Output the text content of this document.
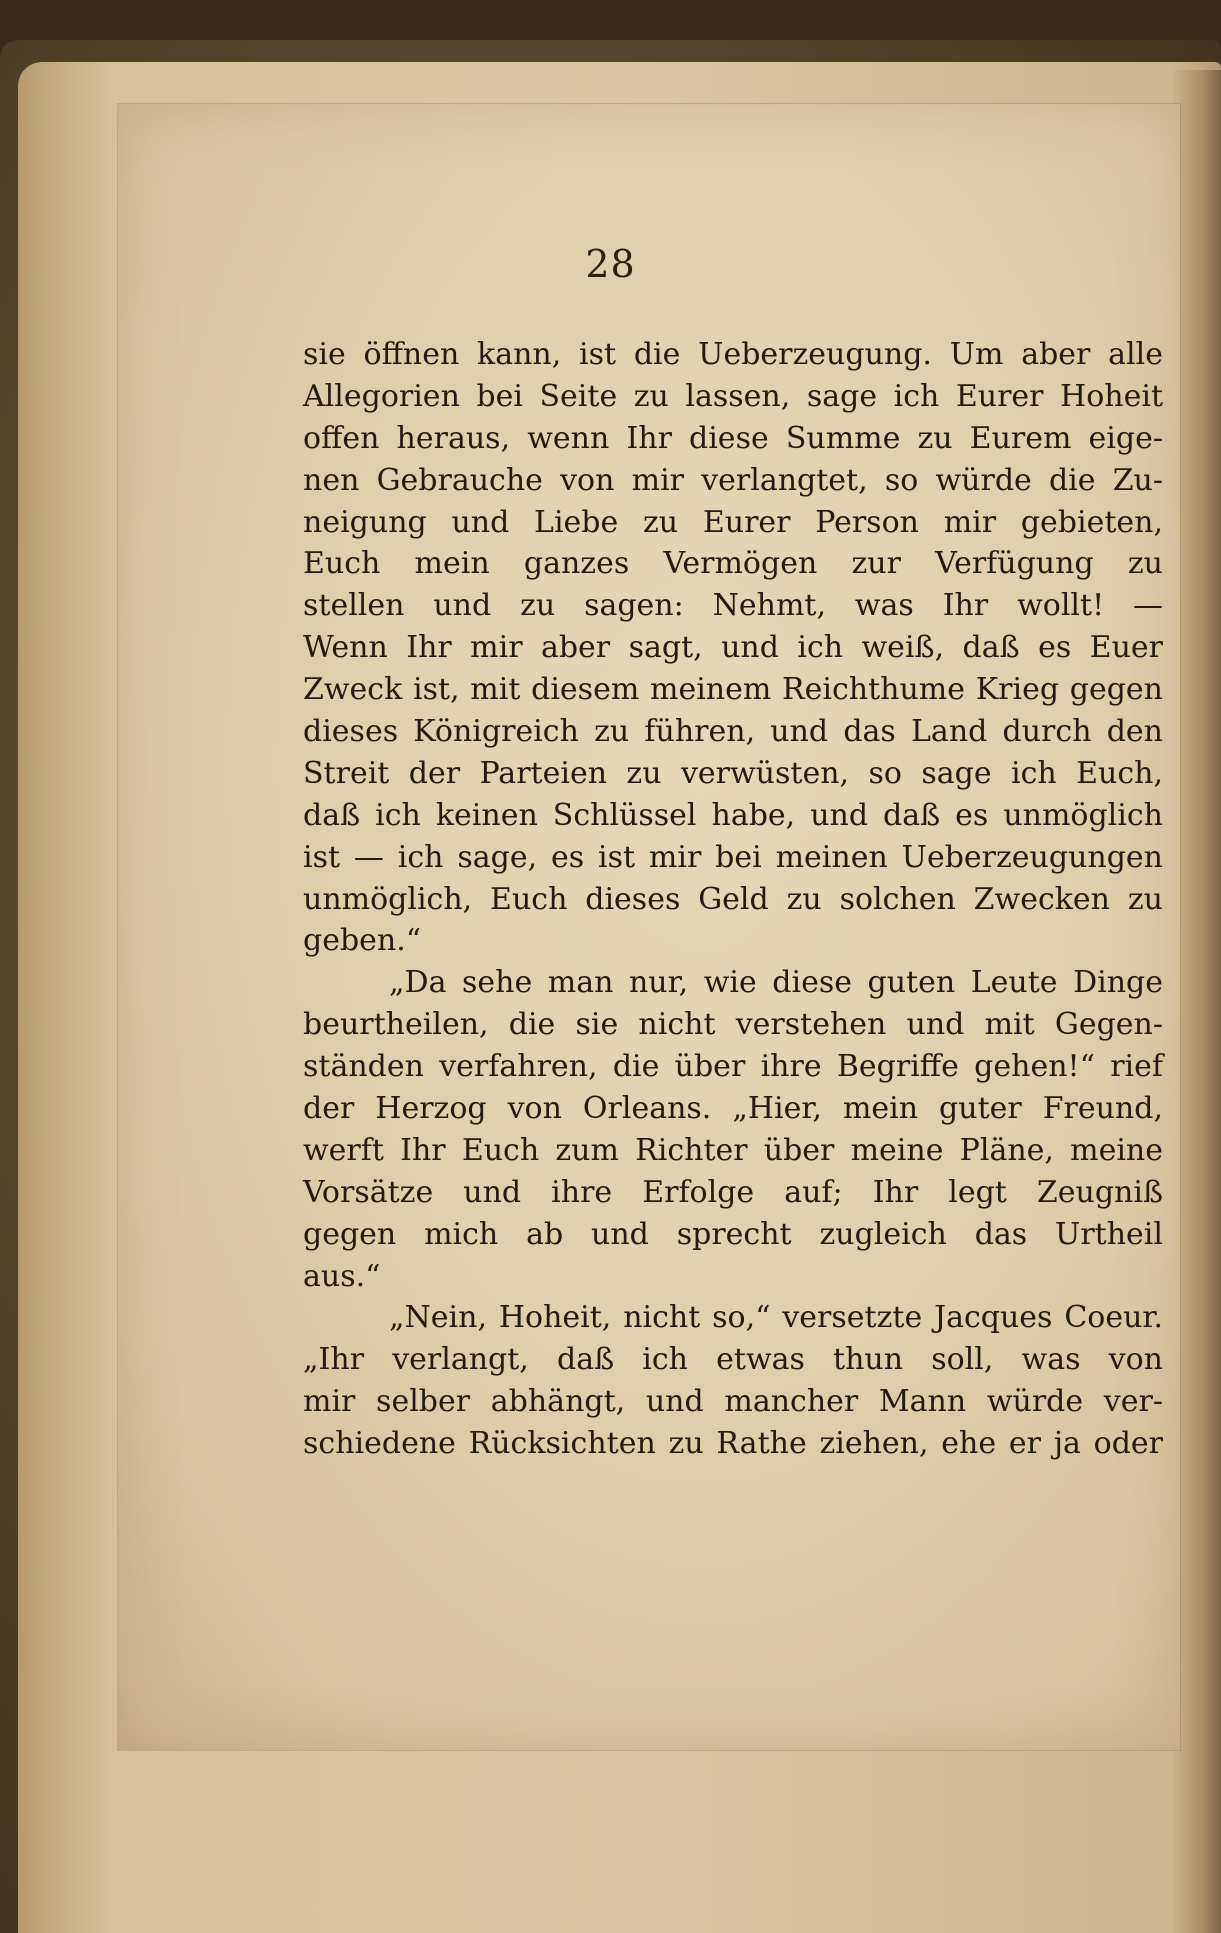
28
sie öffnen kann, ist die Ueberzeugung. Um aber alle
Allegorien bei Seite zu lassen, sage ich Eurer Hoheit
offen heraus, wenn Ihr diese Summe zu Eurem eige-
nen Gebrauche von mir verlangtet, so würde die Zu-
neigung und Liebe zu Eurer Person mir gebieten,
Euch mein ganzes Vermögen zur Verfügung zu
stellen und zu sagen: Nehmt, was Ihr wollt! —
Wenn Ihr mir aber sagt, und ich weiß, daß es Euer
Zweck ist, mit diesem meinem Reichthume Krieg gegen
dieses Königreich zu führen, und das Land durch den
Streit der Parteien zu verwüsten, so sage ich Euch,
daß ich keinen Schlüssel habe, und daß es unmöglich
ist — ich sage, es ist mir bei meinen Ueberzeugungen
unmöglich, Euch dieses Geld zu solchen Zwecken zu
geben.“
„Da sehe man nur, wie diese guten Leute Dinge
beurtheilen, die sie nicht verstehen und mit Gegen-
ständen verfahren, die über ihre Begriffe gehen!“ rief
der Herzog von Orleans. „Hier, mein guter Freund,
werft Ihr Euch zum Richter über meine Pläne, meine
Vorsätze und ihre Erfolge auf; Ihr legt Zeugniß
gegen mich ab und sprecht zugleich das Urtheil
aus.“
„Nein, Hoheit, nicht so,“ versetzte Jacques Coeur.
„Ihr verlangt, daß ich etwas thun soll, was von
mir selber abhängt, und mancher Mann würde ver-
schiedene Rücksichten zu Rathe ziehen, ehe er ja oder
